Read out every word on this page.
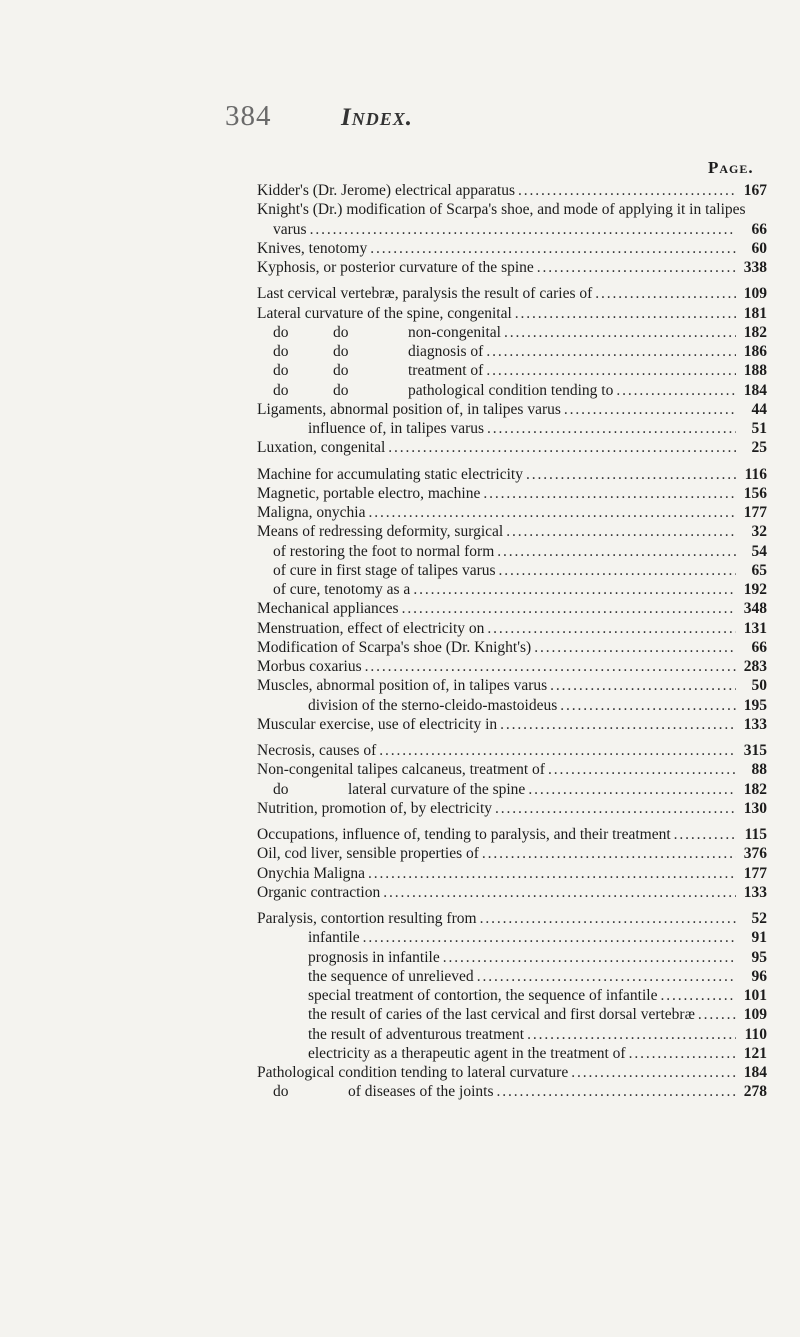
384	Index.
Page.
Kidder's (Dr. Jerome) electrical apparatus . . .	167
Knight's (Dr.) modification of Scarpa's shoe, and mode of applying it in talipes
varus . . .	66
Knives, tenotomy . . .	60
Kyphosis, or posterior curvature of the spine . . .	338
Last cervical vertebræ, paralysis the result of caries of . . .	109
Lateral curvature of the spine, congenital . . .	181
do	do	non-congenital . . .	182
do	do	diagnosis of . . .	186
do	do	treatment of . . .	188
do	do	pathological condition tending to . . .	184
Ligaments, abnormal position of, in talipes varus . . .	44
influence of, in talipes varus . . .	51
Luxation, congenital . . .	25
Machine for accumulating static electricity . . .	116
Magnetic, portable electro, machine . . .	156
Maligna, onychia . . .	177
Means of redressing deformity, surgical . . .	32
of restoring the foot to normal form . . .	54
of cure in first stage of talipes varus . . .	65
of cure, tenotomy as a . . .	192
Mechanical appliances . . .	348
Menstruation, effect of electricity on . . .	131
Modification of Scarpa's shoe (Dr. Knight's) . . .	66
Morbus coxarius . . .	283
Muscles, abnormal position of, in talipes varus . . .	50
division of the sterno-cleido-mastoideus . . .	195
Muscular exercise, use of electricity in . . .	133
Necrosis, causes of . . .	315
Non-congenital talipes calcaneus, treatment of . . .	88
do	lateral curvature of the spine . . .	182
Nutrition, promotion of, by electricity . . .	130
Occupations, influence of, tending to paralysis, and their treatment . . .	115
Oil, cod liver, sensible properties of . . .	376
Onychia Maligna . . .	177
Organic contraction . . .	133
Paralysis, contortion resulting from . . .	52
infantile . . .	91
prognosis in infantile . . .	95
the sequence of unrelieved . . .	96
special treatment of contortion, the sequence of infantile . . .	101
the result of caries of the last cervical and first dorsal vertebræ . . .	109
the result of adventurous treatment . . .	110
electricity as a therapeutic agent in the treatment of . . .	121
Pathological condition tending to lateral curvature . . .	184
do	of diseases of the joints . . .	278
